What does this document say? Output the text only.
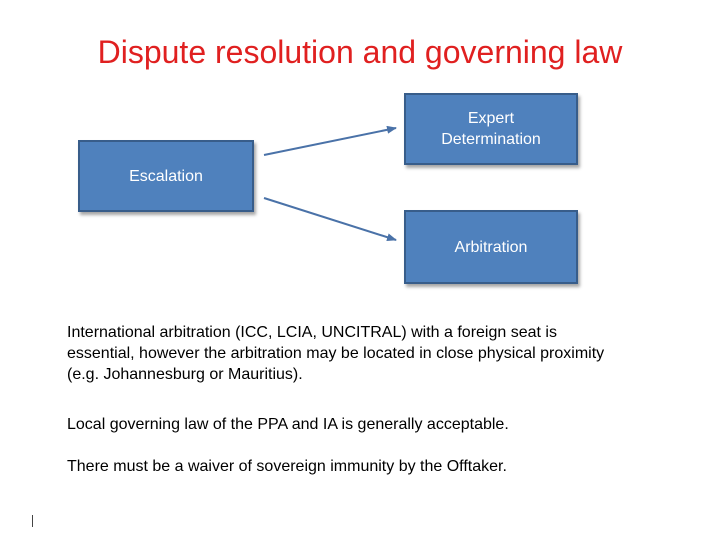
Dispute resolution and governing law
Escalation
Expert
Determination
Arbitration
International arbitration (ICC, LCIA, UNCITRAL) with a foreign seat is essential, however the arbitration may be located in close physical proximity (e.g. Johannesburg or Mauritius).
Local governing law of the PPA and IA is generally acceptable.
There must be a waiver of sovereign immunity by the Offtaker.
